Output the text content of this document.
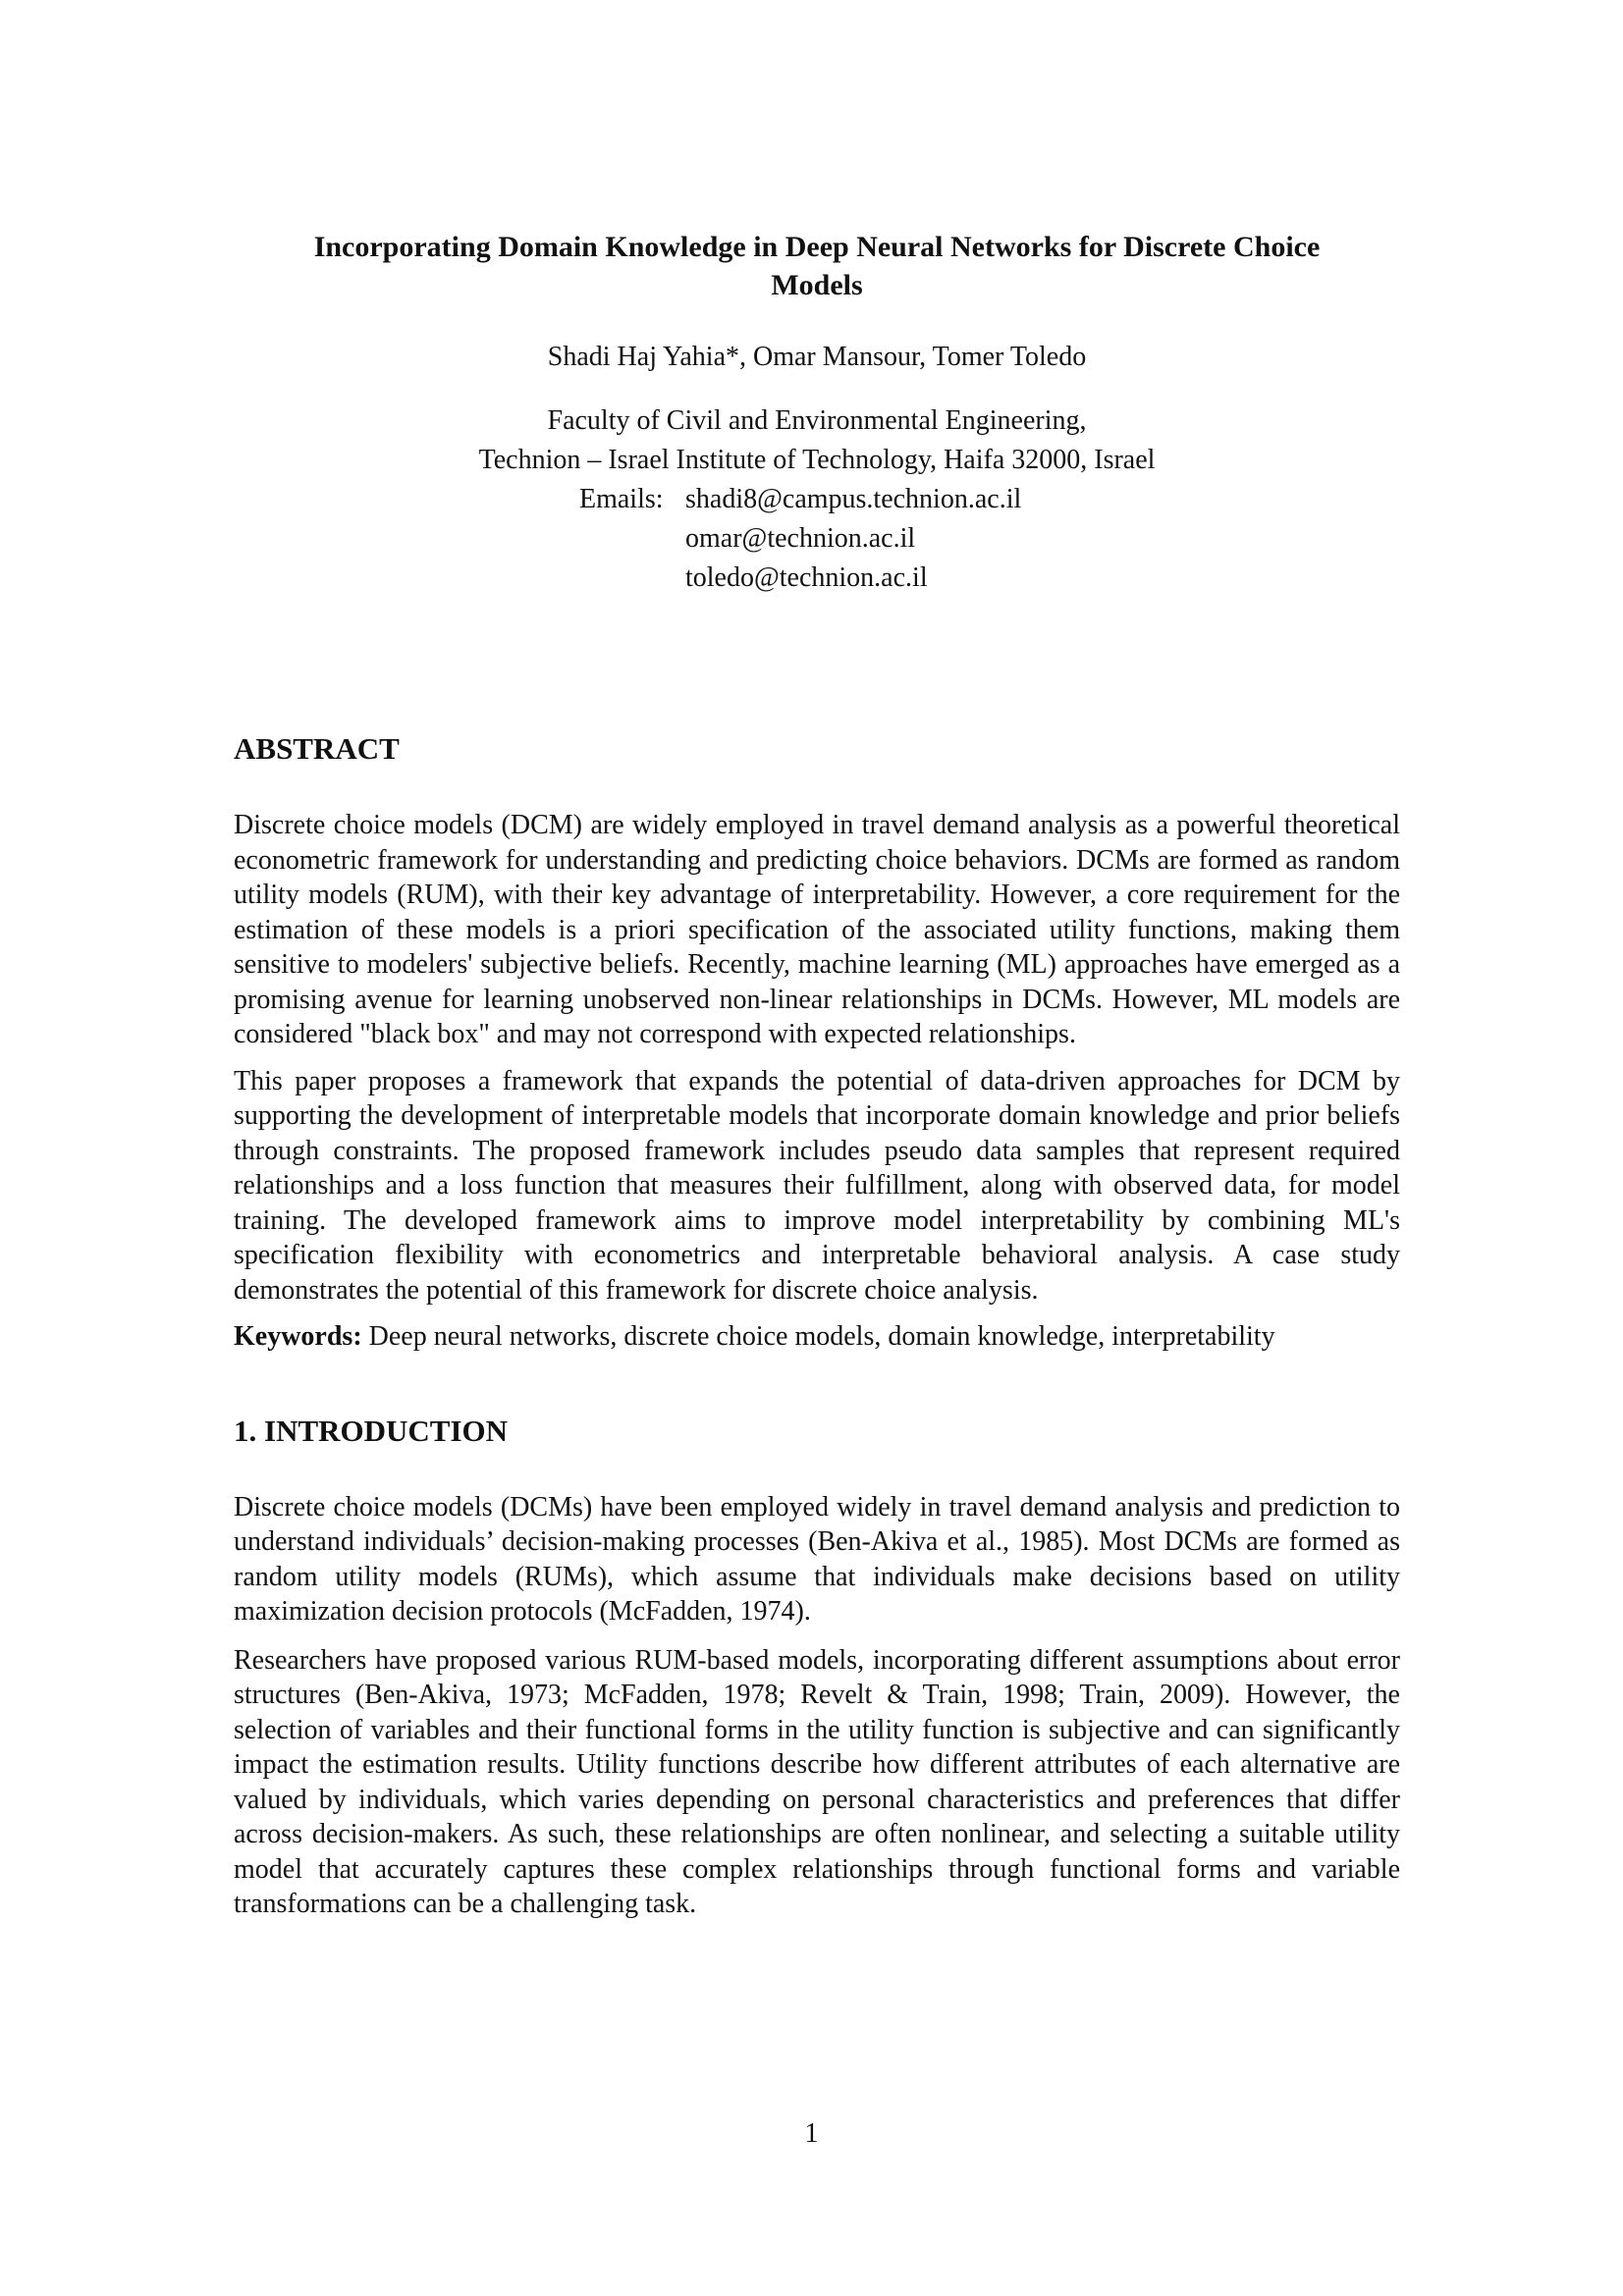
Incorporating Domain Knowledge in Deep Neural Networks for Discrete Choice
Models
Shadi Haj Yahia*, Omar Mansour, Tomer Toledo
Faculty of Civil and Environmental Engineering,
Technion – Israel Institute of Technology, Haifa 32000, Israel
Emails: shadi8@campus.technion.ac.il
omar@technion.ac.il
toledo@technion.ac.il
ABSTRACT

Discrete choice models (DCM) are widely employed in travel demand analysis as a powerful theoretical econometric framework for understanding and predicting choice behaviors. DCMs are formed as random utility models (RUM), with their key advantage of interpretability. However, a core requirement for the estimation of these models is a priori specification of the associated utility functions, making them sensitive to modelers' subjective beliefs. Recently, machine learning (ML) approaches have emerged as a promising avenue for learning unobserved non-linear relationships in DCMs. However, ML models are considered "black box" and may not correspond with expected relationships.

This paper proposes a framework that expands the potential of data-driven approaches for DCM by supporting the development of interpretable models that incorporate domain knowledge and prior beliefs through constraints. The proposed framework includes pseudo data samples that represent required relationships and a loss function that measures their fulfillment, along with observed data, for model training. The developed framework aims to improve model interpretability by combining ML's specification flexibility with econometrics and interpretable behavioral analysis. A case study demonstrates the potential of this framework for discrete choice analysis.

Keywords: Deep neural networks, discrete choice models, domain knowledge, interpretability

1. INTRODUCTION

Discrete choice models (DCMs) have been employed widely in travel demand analysis and prediction to understand individuals’ decision-making processes (Ben-Akiva et al., 1985). Most DCMs are formed as random utility models (RUMs), which assume that individuals make decisions based on utility maximization decision protocols (McFadden, 1974).

Researchers have proposed various RUM-based models, incorporating different assumptions about error structures (Ben-Akiva, 1973; McFadden, 1978; Revelt & Train, 1998; Train, 2009). However, the selection of variables and their functional forms in the utility function is subjective and can significantly impact the estimation results. Utility functions describe how different attributes of each alternative are valued by individuals, which varies depending on personal characteristics and preferences that differ across decision-makers. As such, these relationships are often nonlinear, and selecting a suitable utility model that accurately captures these complex relationships through functional forms and variable transformations can be a challenging task.

1
